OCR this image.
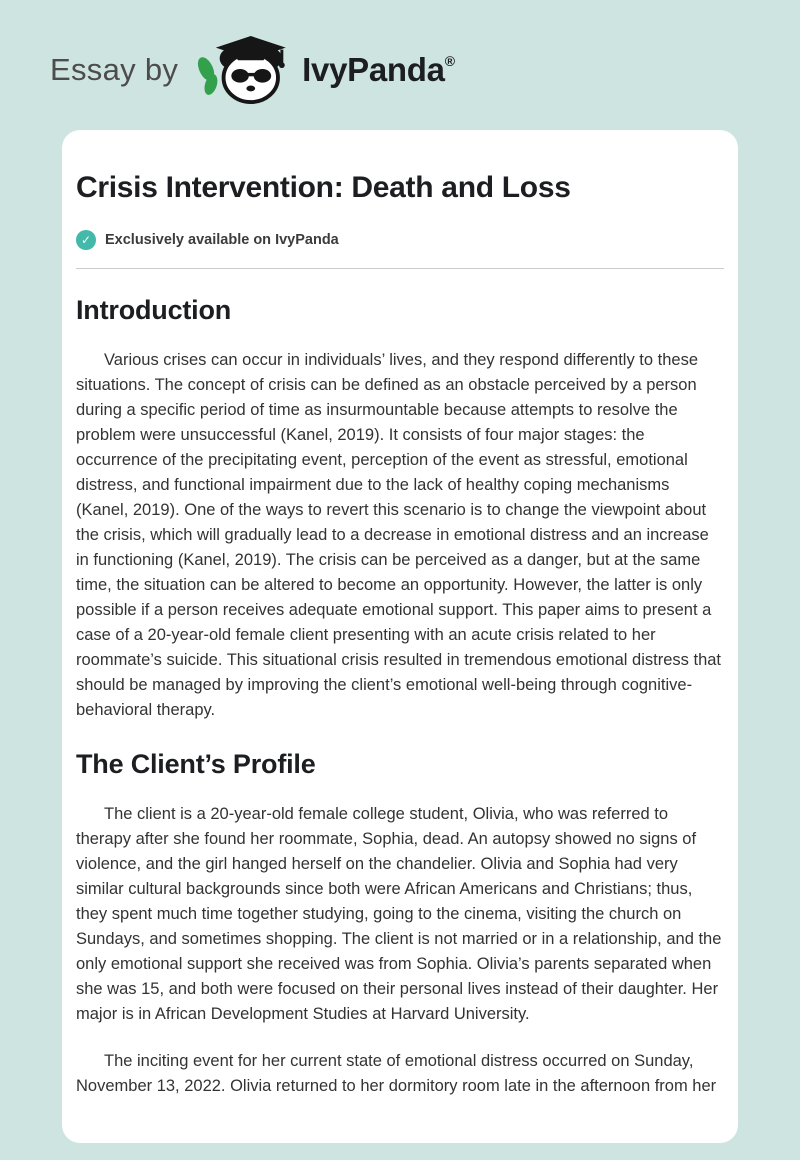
Essay by	IvyPanda®
Crisis Intervention: Death and Loss
✓ Exclusively available on IvyPanda
Introduction

Various crises can occur in individuals’ lives, and they respond differently to these situations. The concept of crisis can be defined as an obstacle perceived by a person during a specific period of time as insurmountable because attempts to resolve the problem were unsuccessful (Kanel, 2019). It consists of four major stages: the occurrence of the precipitating event, perception of the event as stressful, emotional distress, and functional impairment due to the lack of healthy coping mechanisms (Kanel, 2019). One of the ways to revert this scenario is to change the viewpoint about the crisis, which will gradually lead to a decrease in emotional distress and an increase in functioning (Kanel, 2019). The crisis can be perceived as a danger, but at the same time, the situation can be altered to become an opportunity. However, the latter is only possible if a person receives adequate emotional support. This paper aims to present a case of a 20-year-old female client presenting with an acute crisis related to her roommate’s suicide. This situational crisis resulted in tremendous emotional distress that should be managed by improving the client’s emotional well-being through cognitive-behavioral therapy.

The Client’s Profile

The client is a 20-year-old female college student, Olivia, who was referred to therapy after she found her roommate, Sophia, dead. An autopsy showed no signs of violence, and the girl hanged herself on the chandelier. Olivia and Sophia had very similar cultural backgrounds since both were African Americans and Christians; thus, they spent much time together studying, going to the cinema, visiting the church on Sundays, and sometimes shopping. The client is not married or in a relationship, and the only emotional support she received was from Sophia. Olivia’s parents separated when she was 15, and both were focused on their personal lives instead of their daughter. Her major is in African Development Studies at Harvard University.

The inciting event for her current state of emotional distress occurred on Sunday, November 13, 2022. Olivia returned to her dormitory room late in the afternoon from her
